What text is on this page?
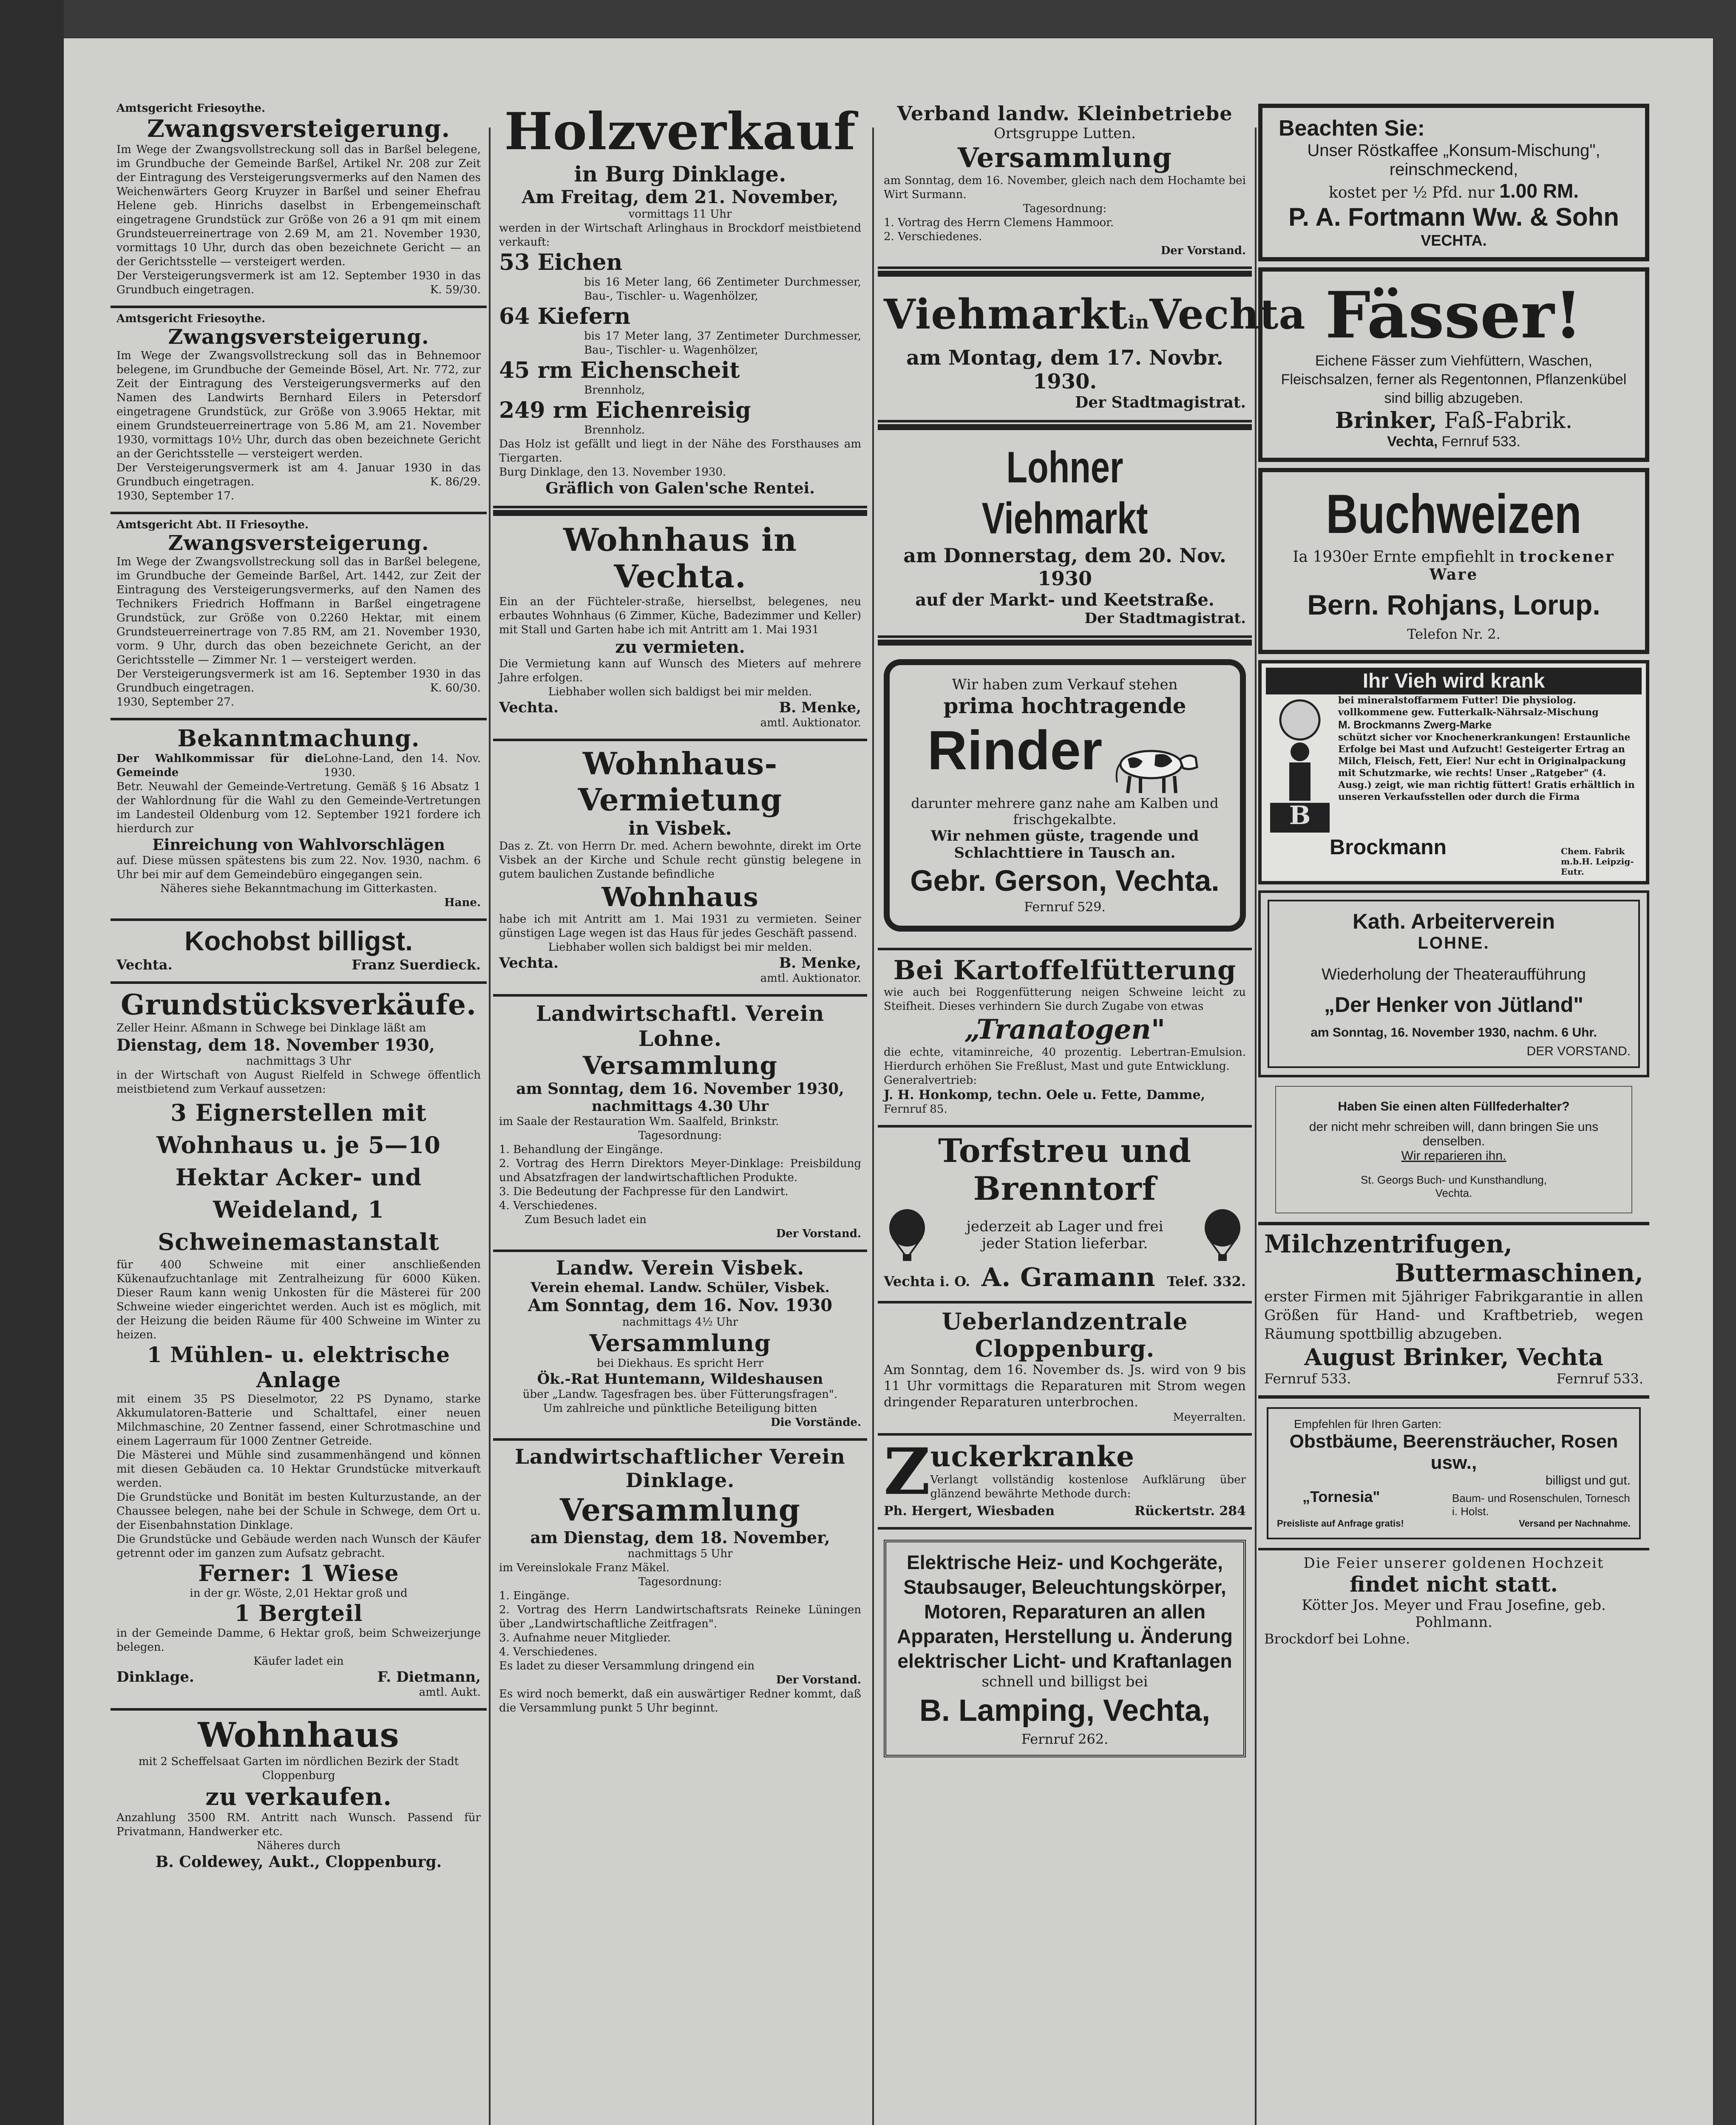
Amtsgericht Friesoythe.
Zwangsversteigerung.
Im Wege der Zwangsvollstreckung soll das in Barßel belegene, im Grundbuche der Gemeinde Barßel, Artikel Nr. 208 zur Zeit der Eintragung des Versteigerungsvermerks auf den Namen des Weichenwärters Georg Kruyzer in Barßel und seiner Ehefrau Helene geb. Hinrichs daselbst in Erbengemeinschaft eingetragene Grundstück zur Größe von 26 a 91 qm mit einem Grundsteuerreinertrage von 2.69 M, am 21. November 1930, vormittags 10 Uhr, durch das oben bezeichnete Gericht — an der Gerichtsstelle — versteigert werden.
Der Versteigerungsvermerk ist am 12. September 1930 in das Grundbuch eingetragen.	K. 59/30.
Amtsgericht Friesoythe.
Zwangsversteigerung.
Im Wege der Zwangsvollstreckung soll das in Behnemoor belegene, im Grundbuche der Gemeinde Bösel, Art. Nr. 772, zur Zeit der Eintragung des Versteigerungsvermerks auf den Namen des Landwirts Bernhard Eilers in Petersdorf eingetragene Grundstück, zur Größe von 3.9065 Hektar, mit einem Grundsteuerreinertrage von 5.86 M, am 21. November 1930, vormittags 10½ Uhr, durch das oben bezeichnete Gericht an der Gerichtsstelle — versteigert werden.
Der Versteigerungsvermerk ist am 4. Januar 1930 in das Grundbuch eingetragen.	K. 86/29.
1930, September 17.
Amtsgericht Abt. II Friesoythe.
Zwangsversteigerung.
Im Wege der Zwangsvollstreckung soll das in Barßel belegene, im Grundbuche der Gemeinde Barßel, Art. 1442, zur Zeit der Eintragung des Versteigerungsvermerks, auf den Namen des Technikers Friedrich Hoffmann in Barßel eingetragene Grundstück, zur Größe von 0.2260 Hektar, mit einem Grundsteuerreinertrage von 7.85 RM, am 21. November 1930, vorm. 9 Uhr, durch das oben bezeichnete Gericht, an der Gerichtsstelle — Zimmer Nr. 1 — versteigert werden.
Der Versteigerungsvermerk ist am 16. September 1930 in das Grundbuch eingetragen.	K. 60/30.
1930, September 27.
Bekanntmachung.
Der Wahlkommissar für die Gemeinde
Lohne-Land, den 14. Nov. 1930.
Betr. Neuwahl der Gemeinde-Vertretung. Gemäß § 16 Absatz 1 der Wahlordnung für die Wahl zu den Gemeinde-Vertretungen im Landesteil Oldenburg vom 12. September 1921 fordere ich hierdurch zur
Einreichung von Wahlvorschlägen
auf. Diese müssen spätestens bis zum 22. Nov. 1930, nachm. 6 Uhr bei mir auf dem Gemeindebüro eingegangen sein.
Näheres siehe Bekanntmachung im Gitterkasten.
Hane.
Kochobst billigst.
Vechta.	Franz Suerdieck.
Grundstücksverkäufe.
Zeller Heinr. Aßmann in Schwege bei Dinklage läßt am
Dienstag, dem 18. November 1930,
nachmittags 3 Uhr
in der Wirtschaft von August Rielfeld in Schwege öffentlich meistbietend zum Verkauf aussetzen:
3 Eignerstellen mit Wohnhaus u. je 5—10 Hektar Acker- und Weideland, 1 Schweinemastanstalt
für 400 Schweine mit einer anschließenden Kükenaufzuchtanlage mit Zentralheizung für 6000 Küken. Dieser Raum kann wenig Unkosten für die Mästerei für 200 Schweine wieder eingerichtet werden. Auch ist es möglich, mit der Heizung die beiden Räume für 400 Schweine im Winter zu heizen.
1 Mühlen- u. elektrische Anlage
mit einem 35 PS Dieselmotor, 22 PS Dynamo, starke Akkumulatoren-Batterie und Schalttafel, einer neuen Milchmaschine, 20 Zentner fassend, einer Schrotmaschine und einem Lagerraum für 1000 Zentner Getreide.
Die Mästerei und Mühle sind zusammenhängend und können mit diesen Gebäuden ca. 10 Hektar Grundstücke mitverkauft werden.
Die Grundstücke und Bonität im besten Kulturzustande, an der Chaussee belegen, nahe bei der Schule in Schwege, dem Ort u. der Eisenbahnstation Dinklage.
Die Grundstücke und Gebäude werden nach Wunsch der Käufer getrennt oder im ganzen zum Aufsatz gebracht.
Ferner: 1 Wiese
in der gr. Wöste, 2,01 Hektar groß und
1 Bergteil
in der Gemeinde Damme, 6 Hektar groß, beim Schweizerjunge belegen.
Käufer ladet ein
Dinklage.	F. Dietmann,
amtl. Aukt.
Wohnhaus
mit 2 Scheffelsaat Garten im nördlichen Bezirk der Stadt Cloppenburg
zu verkaufen.
Anzahlung 3500 RM. Antritt nach Wunsch. Passend für Privatmann, Handwerker etc.
Näheres durch
B. Coldewey, Aukt., Cloppenburg.
Holzverkauf
in Burg Dinklage.
Am Freitag, dem 21. November,
vormittags 11 Uhr
werden in der Wirtschaft Arlinghaus in Brockdorf meistbietend verkauft:
53 Eichen
bis 16 Meter lang, 66 Zentimeter Durchmesser, Bau-, Tischler- u. Wagenhölzer,
64 Kiefern
bis 17 Meter lang, 37 Zentimeter Durchmesser, Bau-, Tischler- u. Wagenhölzer,
45 rm Eichenscheit
Brennholz,
249 rm Eichenreisig
Brennholz.
Das Holz ist gefällt und liegt in der Nähe des Forsthauses am Tiergarten.
Burg Dinklage, den 13. November 1930.
Gräflich von Galen'sche Rentei.
Wohnhaus in Vechta.
Ein an der Füchteler-straße, hierselbst, belegenes, neu erbautes Wohnhaus (6 Zimmer, Küche, Badezimmer und Keller) mit Stall und Garten habe ich mit Antritt am 1. Mai 1931
zu vermieten.
Die Vermietung kann auf Wunsch des Mieters auf mehrere Jahre erfolgen.
Liebhaber wollen sich baldigst bei mir melden.
Vechta.	B. Menke,
amtl. Auktionator.
Wohnhaus-Vermietung
in Visbek.
Das z. Zt. von Herrn Dr. med. Achern bewohnte, direkt im Orte Visbek an der Kirche und Schule recht günstig belegene in gutem baulichen Zustande befindliche
Wohnhaus
habe ich mit Antritt am 1. Mai 1931 zu vermieten. Seiner günstigen Lage wegen ist das Haus für jedes Geschäft passend.
Liebhaber wollen sich baldigst bei mir melden.
Vechta.	B. Menke,
amtl. Auktionator.
Landwirtschaftl. Verein Lohne.
Versammlung
am Sonntag, dem 16. November 1930,
nachmittags 4.30 Uhr
im Saale der Restauration Wm. Saalfeld, Brinkstr.
Tagesordnung:
1. Behandlung der Eingänge.
2. Vortrag des Herrn Direktors Meyer-Dinklage: Preisbildung und Absatzfragen der landwirtschaftlichen Produkte.
3. Die Bedeutung der Fachpresse für den Landwirt.
4. Verschiedenes.
Zum Besuch ladet ein
Der Vorstand.
Landw. Verein Visbek.
Verein ehemal. Landw. Schüler, Visbek.
Am Sonntag, dem 16. Nov. 1930
nachmittags 4½ Uhr
Versammlung
bei Diekhaus. Es spricht Herr
Ök.-Rat Huntemann, Wildeshausen
über „Landw. Tagesfragen bes. über Fütterungsfragen".
Um zahlreiche und pünktliche Beteiligung bitten
Die Vorstände.
Landwirtschaftlicher Verein
Dinklage.
Versammlung
am Dienstag, dem 18. November,
nachmittags 5 Uhr
im Vereinslokale Franz Mäkel.
Tagesordnung:
1. Eingänge.
2. Vortrag des Herrn Landwirtschaftsrats Reineke Lüningen über „Landwirtschaftliche Zeitfragen".
3. Aufnahme neuer Mitglieder.
4. Verschiedenes.
Es ladet zu dieser Versammlung dringend ein
Der Vorstand.
Es wird noch bemerkt, daß ein auswärtiger Redner kommt, daß die Versammlung punkt 5 Uhr beginnt.
Verband landw. Kleinbetriebe
Ortsgruppe Lutten.
Versammlung
am Sonntag, dem 16. November, gleich nach dem Hochamte bei Wirt Surmann.
Tagesordnung:
1. Vortrag des Herrn Clemens Hammoor.
2. Verschiedenes.
Der Vorstand.
ViehmarktinVechta
am Montag, dem 17. Novbr. 1930.
Der Stadtmagistrat.
Lohner Viehmarkt
am Donnerstag, dem 20. Nov. 1930
auf der Markt- und Keetstraße.
Der Stadtmagistrat.
Wir haben zum Verkauf stehen
prima hochtragende
Rinder
darunter mehrere ganz nahe am Kalben und frischgekalbte.
Wir nehmen güste, tragende und Schlachttiere in Tausch an.
Gebr. Gerson, Vechta.
Fernruf 529.
Bei Kartoffelfütterung
wie auch bei Roggenfütterung neigen Schweine leicht zu Steifheit. Dieses verhindern Sie durch Zugabe von etwas
„Tranatogen"
die echte, vitaminreiche, 40 prozentig. Lebertran-Emulsion. Hierdurch erhöhen Sie Freßlust, Mast und gute Entwicklung.
Generalvertrieb:
J. H. Honkomp, techn. Oele u. Fette, Damme,
Fernruf 85.
Torfstreu und Brenntorf
jederzeit ab Lager und frei jeder Station lieferbar.
Vechta i. O. A. Gramann Telef. 332.
Ueberlandzentrale Cloppenburg.
Am Sonntag, dem 16. November ds. Js. wird von 9 bis 11 Uhr vormittags die Reparaturen mit Strom wegen dringender Reparaturen unterbrochen.
Meyerralten.
Z uckerkranke
Verlangt vollständig kostenlose Aufklärung über glänzend bewährte Methode durch:
Ph. Hergert, Wiesbaden	Rückertstr. 284
Elektrische Heiz- und Kochgeräte, Staubsauger, Beleuchtungskörper, Motoren, Reparaturen an allen Apparaten, Herstellung u. Änderung elektrischer Licht- und Kraftanlagen
schnell und billigst bei
B. Lamping, Vechta,
Fernruf 262.
Beachten Sie:
Unser Röstkaffee „Konsum-Mischung", reinschmeckend,
kostet per ½ Pfd. nur 1.00 RM.
P. A. Fortmann Ww. & Sohn
VECHTA.
Fässer!
Eichene Fässer zum Viehfüttern, Waschen, Fleischsalzen, ferner als Regentonnen, Pflanzenkübel sind billig abzugeben.
Brinker, Faß-Fabrik.
Vechta, Fernruf 533.
Buchweizen
Ia 1930er Ernte empfiehlt in trockener Ware
Bern. Rohjans, Lorup.
Telefon Nr. 2.
Ihr Vieh wird krank
B
bei mineralstoffarmem Futter! Die physiolog. vollkommene gew. Futterkalk-Nährsalz-Mischung
M. Brockmanns Zwerg-Marke
schützt sicher vor Knochenerkrankungen! Erstaunliche Erfolge bei Mast und Aufzucht! Gesteigerter Ertrag an Milch, Fleisch, Fett, Eier! Nur echt in Originalpackung mit Schutzmarke, wie rechts! Unser „Ratgeber" (4. Ausg.) zeigt, wie man richtig füttert! Gratis erhältlich in unseren Verkaufsstellen oder durch die Firma
Brockmann	Chem. Fabrik m.b.H. Leipzig-Eutr.
Kath. Arbeiterverein
LOHNE.
Wiederholung der Theateraufführung
„Der Henker von Jütland"
am Sonntag, 16. November 1930, nachm. 6 Uhr.
DER VORSTAND.
Haben Sie einen alten Füllfederhalter?
der nicht mehr schreiben will, dann bringen Sie uns denselben.
Wir reparieren ihn.
St. Georgs Buch- und Kunsthandlung,
Vechta.
Milchzentrifugen,
Buttermaschinen,
erster Firmen mit 5jähriger Fabrikgarantie in allen Größen für Hand- und Kraftbetrieb, wegen Räumung spottbillig abzugeben.
August Brinker, Vechta
Fernruf 533.	Fernruf 533.
Empfehlen für Ihren Garten:
Obstbäume, Beerensträucher, Rosen usw.,
billigst und gut.
„Tornesia"	Baum- und Rosenschulen, Tornesch i. Holst.
Preisliste auf Anfrage gratis!	Versand per Nachnahme.
Die Feier unserer goldenen Hochzeit
findet nicht statt.
Kötter Jos. Meyer und Frau Josefine, geb. Pohlmann.
Brockdorf bei Lohne.
